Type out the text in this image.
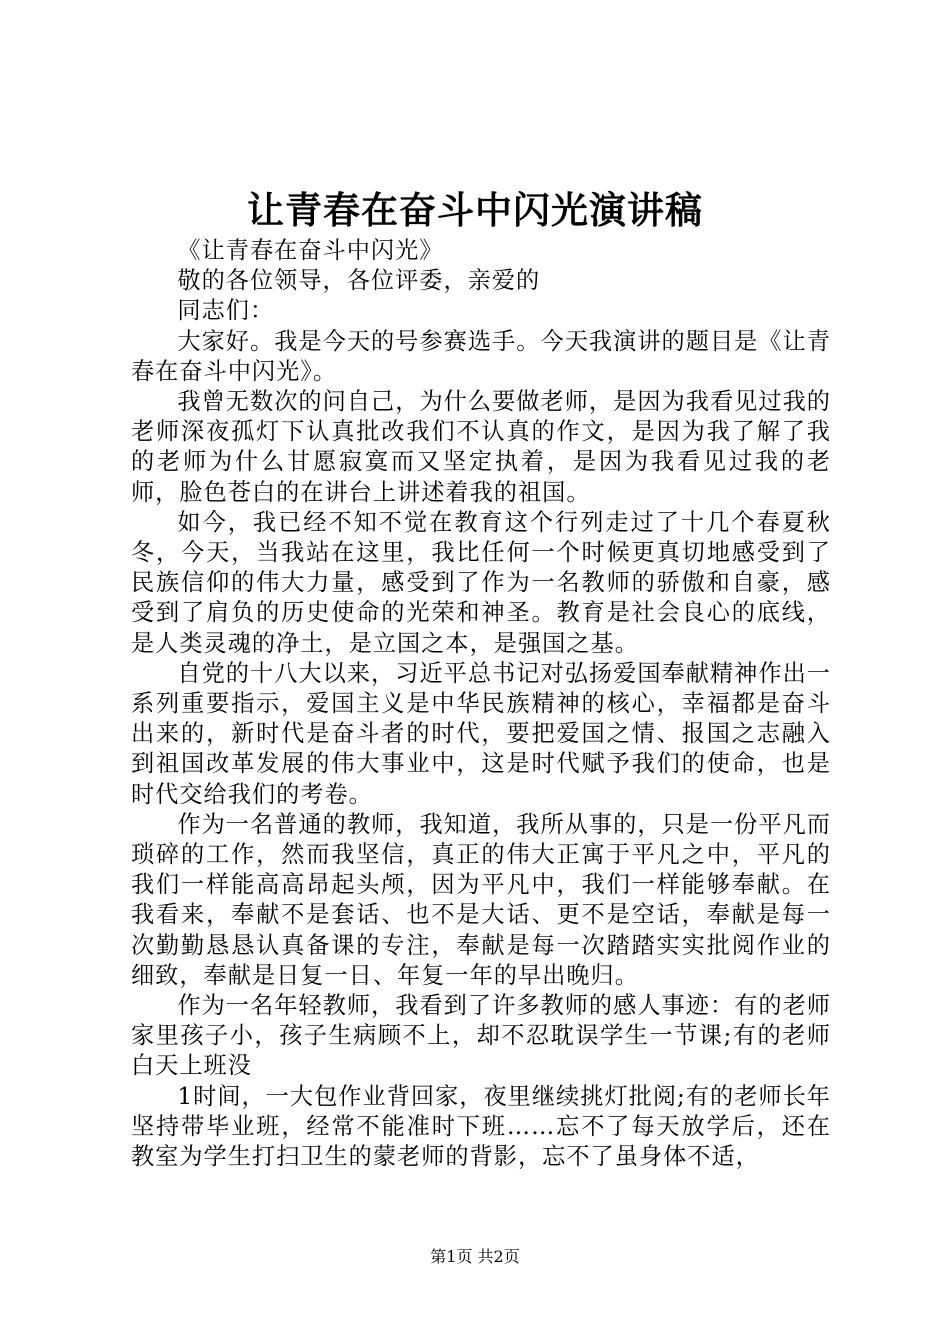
让青春在奋斗中闪光演讲稿

《让青春在奋斗中闪光》

敬的各位领导，各位评委，亲爱的

同志们：

大家好。我是今天的号参赛选手。今天我演讲的题目是《让青春在奋斗中闪光》。

我曾无数次的问自己，为什么要做老师，是因为我看见过我的老师深夜孤灯下认真批改我们不认真的作文，是因为我了解了我的老师为什么甘愿寂寞而又坚定执着，是因为我看见过我的老师，脸色苍白的在讲台上讲述着我的祖国。

如今，我已经不知不觉在教育这个行列走过了十几个春夏秋冬，今天，当我站在这里，我比任何一个时候更真切地感受到了民族信仰的伟大力量，感受到了作为一名教师的骄傲和自豪，感受到了肩负的历史使命的光荣和神圣。教育是社会良心的底线，是人类灵魂的净土，是立国之本，是强国之基。

自党的十八大以来，习近平总书记对弘扬爱国奉献精神作出一系列重要指示，爱国主义是中华民族精神的核心，幸福都是奋斗出来的，新时代是奋斗者的时代，要把爱国之情、报国之志融入到祖国改革发展的伟大事业中，这是时代赋予我们的使命，也是时代交给我们的考卷。

作为一名普通的教师，我知道，我所从事的，只是一份平凡而琐碎的工作，然而我坚信，真正的伟大正寓于平凡之中，平凡的我们一样能高高昂起头颅，因为平凡中，我们一样能够奉献。在我看来，奉献不是套话、也不是大话、更不是空话，奉献是每一次勤勤恳恳认真备课的专注，奉献是每一次踏踏实实批阅作业的细致，奉献是日复一日、年复一年的早出晚归。

作为一名年轻教师，我看到了许多教师的感人事迹：有的老师家里孩子小，孩子生病顾不上，却不忍耽误学生一节课;有的老师白天上班没

1时间，一大包作业背回家，夜里继续挑灯批阅;有的老师长年坚持带毕业班，经常不能准时下班……忘不了每天放学后，还在教室为学生打扫卫生的蒙老师的背影，忘不了虽身体不适，

第1页 共2页
